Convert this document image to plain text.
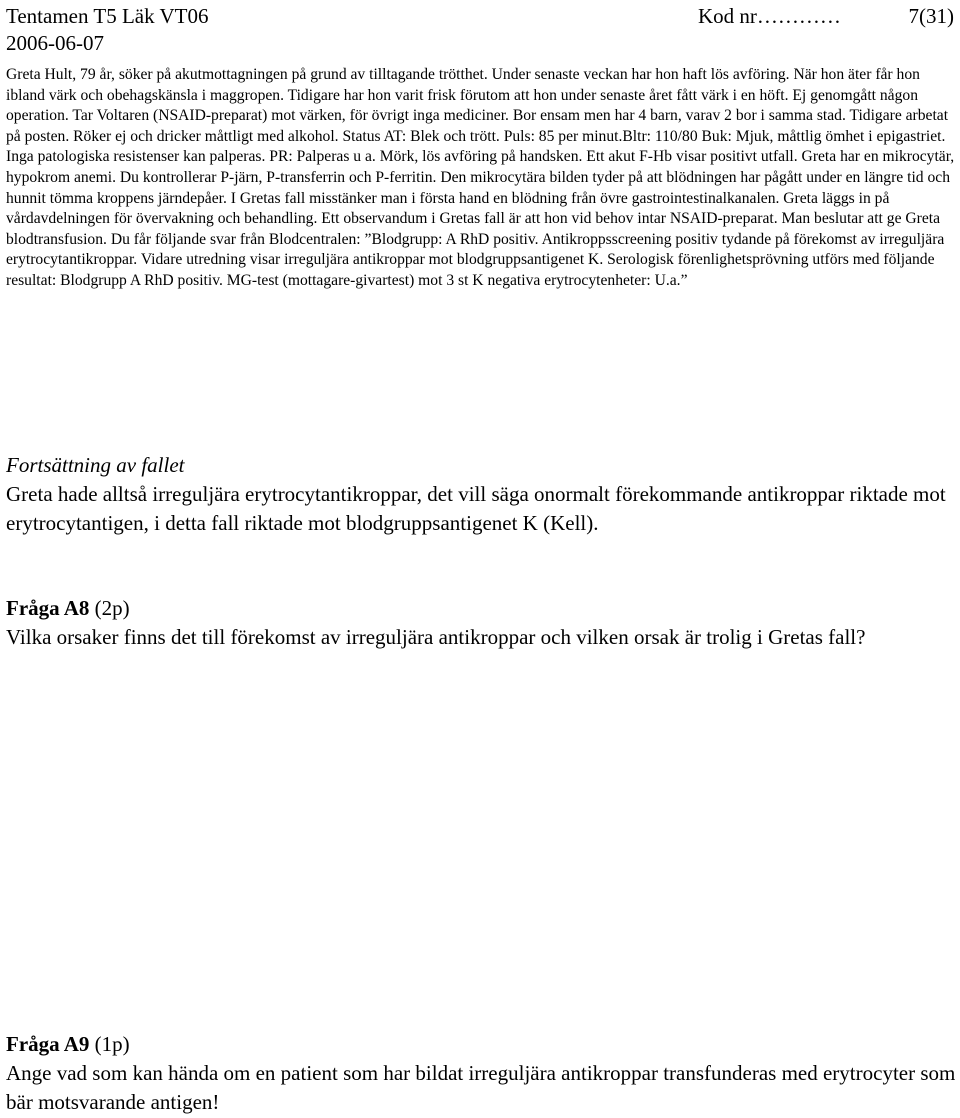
Tentamen T5 Läk VT06	Kod nr…………	7(31)
2006-06-07

Greta Hult, 79 år, söker på akutmottagningen på grund av tilltagande trötthet. Under senaste veckan har hon haft lös avföring. När hon äter får hon ibland värk och obehagskänsla i maggropen. Tidigare har hon varit frisk förutom att hon under senaste året fått värk i en höft. Ej genomgått någon operation. Tar Voltaren (NSAID-preparat) mot värken, för övrigt inga mediciner. Bor ensam men har 4 barn, varav 2 bor i samma stad. Tidigare arbetat på posten. Röker ej och dricker måttligt med alkohol. Status AT: Blek och trött. Puls: 85 per minut.Bltr: 110/80 Buk: Mjuk, måttlig ömhet i epigastriet. Inga patologiska resistenser kan palperas. PR: Palperas u a. Mörk, lös avföring på handsken. Ett akut F-Hb visar positivt utfall. Greta har en mikrocytär, hypokrom anemi. Du kontrollerar P-järn, P-transferrin och P-ferritin. Den mikrocytära bilden tyder på att blödningen har pågått under en längre tid och hunnit tömma kroppens järndepåer. I Gretas fall misstänker man i första hand en blödning från övre gastrointestinalkanalen. Greta läggs in på vårdavdelningen för övervakning och behandling. Ett observandum i Gretas fall är att hon vid behov intar NSAID-preparat. Man beslutar att ge Greta blodtransfusion. Du får följande svar från Blodcentralen: ”Blodgrupp: A RhD positiv. Antikroppsscreening positiv tydande på förekomst av irreguljära erytrocytantikroppar. Vidare utredning visar irreguljära antikroppar mot blodgruppsantigenet K. Serologisk förenlighetsprövning utförs med följande resultat: Blodgrupp A RhD positiv. MG-test (mottagare-givartest) mot 3 st K negativa erytrocytenheter: U.a.”

Fortsättning av fallet

Greta hade alltså irreguljära erytrocytantikroppar, det vill säga onormalt förekommande antikroppar riktade mot erytrocytantigen, i detta fall riktade mot blodgruppsantigenet K (Kell).

Fråga A8 (2p)

Vilka orsaker finns det till förekomst av irreguljära antikroppar och vilken orsak är trolig i Gretas fall?

Fråga A9 (1p)

Ange vad som kan hända om en patient som har bildat irreguljära antikroppar transfunderas med erytrocyter som bär motsvarande antigen!
